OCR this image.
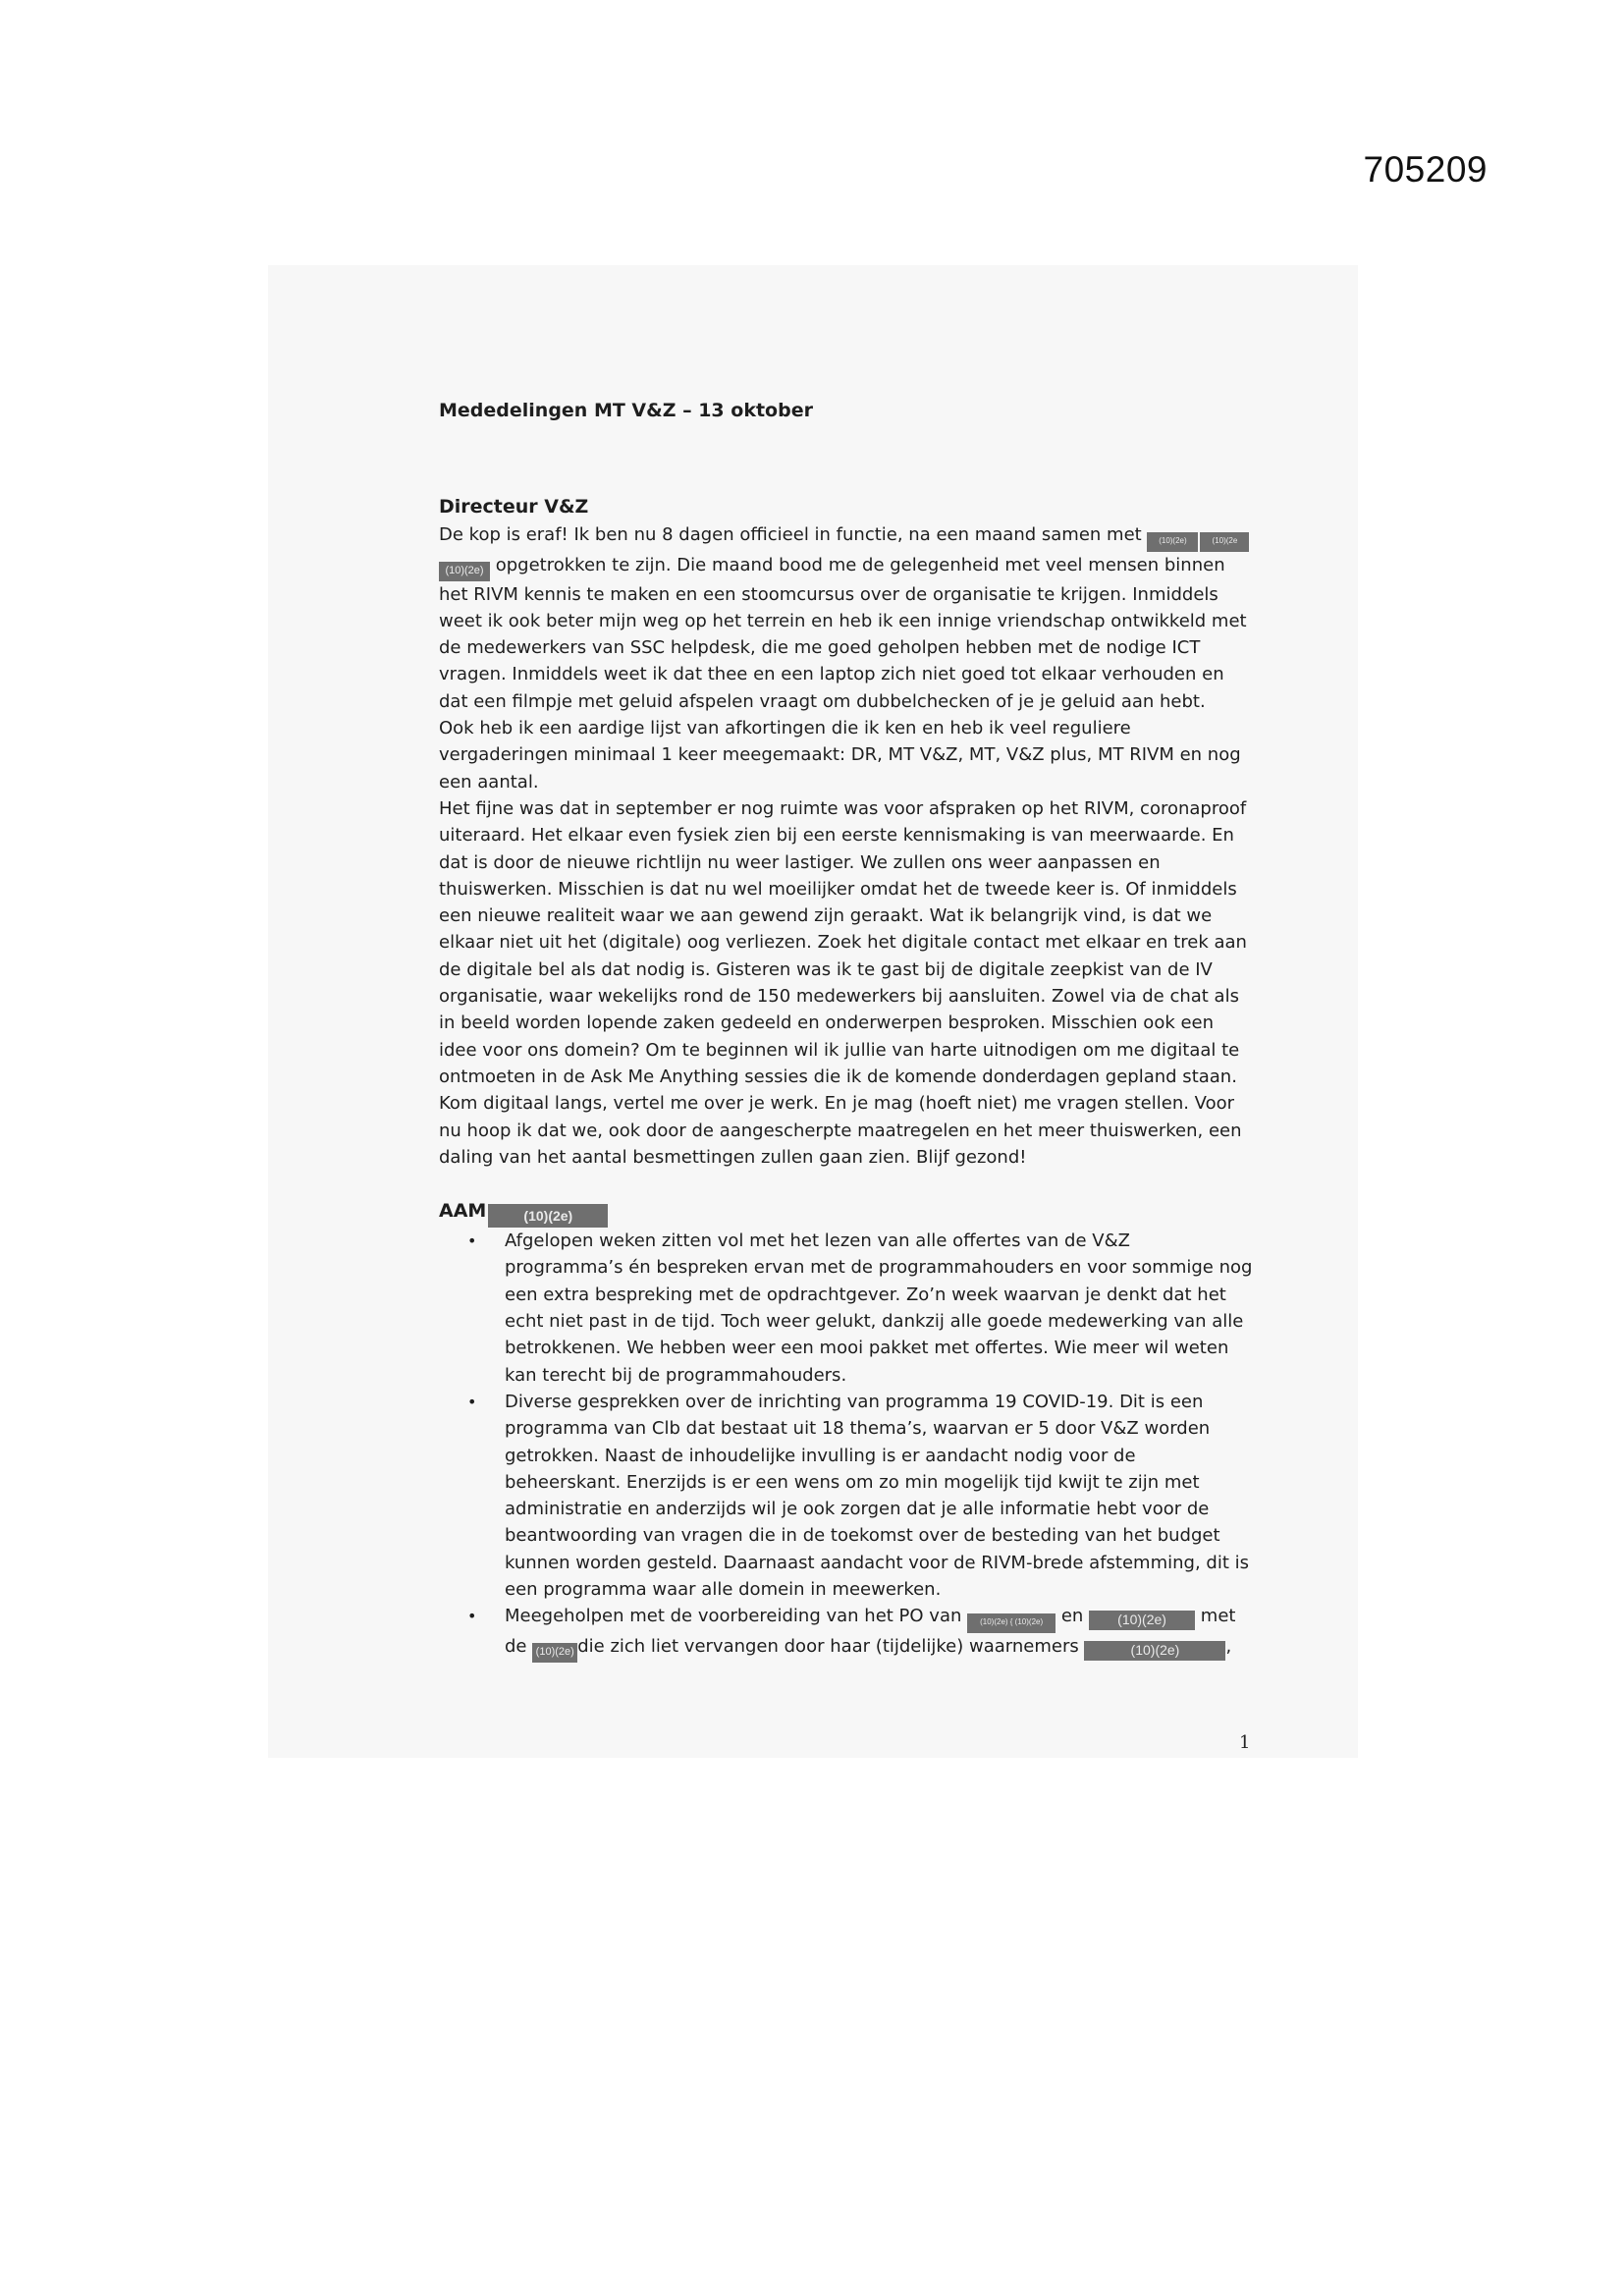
705209
Mededelingen MT V&Z – 13 oktober
Directeur V&Z

De kop is eraf! Ik ben nu 8 dagen officieel in functie, na een maand samen met (10)(2e)	(10)(2e
(10)(2e) opgetrokken te zijn. Die maand bood me de gelegenheid met veel mensen binnen het RIVM kennis te maken en een stoomcursus over de organisatie te krijgen. Inmiddels weet ik ook beter mijn weg op het terrein en heb ik een innige vriendschap ontwikkeld met de medewerkers van SSC helpdesk, die me goed geholpen hebben met de nodige ICT vragen. Inmiddels weet ik dat thee en een laptop zich niet goed tot elkaar verhouden en dat een filmpje met geluid afspelen vraagt om dubbelchecken of je je geluid aan hebt.

Ook heb ik een aardige lijst van afkortingen die ik ken en heb ik veel reguliere vergaderingen minimaal 1 keer meegemaakt: DR, MT V&Z, MT, V&Z plus, MT RIVM en nog een aantal.

Het fijne was dat in september er nog ruimte was voor afspraken op het RIVM, coronaproof uiteraard. Het elkaar even fysiek zien bij een eerste kennismaking is van meerwaarde. En dat is door de nieuwe richtlijn nu weer lastiger. We zullen ons weer aanpassen en thuiswerken. Misschien is dat nu wel moeilijker omdat het de tweede keer is. Of inmiddels een nieuwe realiteit waar we aan gewend zijn geraakt. Wat ik belangrijk vind, is dat we elkaar niet uit het (digitale) oog verliezen. Zoek het digitale contact met elkaar en trek aan de digitale bel als dat nodig is. Gisteren was ik te gast bij de digitale zeepkist van de IV organisatie, waar wekelijks rond de 150 medewerkers bij aansluiten. Zowel via de chat als in beeld worden lopende zaken gedeeld en onderwerpen besproken. Misschien ook een idee voor ons domein? Om te beginnen wil ik jullie van harte uitnodigen om me digitaal te ontmoeten in de Ask Me Anything sessies die ik de komende donderdagen gepland staan. Kom digitaal langs, vertel me over je werk. En je mag (hoeft niet) me vragen stellen. Voor nu hoop ik dat we, ook door de aangescherpte maatregelen en het meer thuiswerken, een daling van het aantal besmettingen zullen gaan zien. Blijf gezond!

AAM	(10)(2e)
• Afgelopen weken zitten vol met het lezen van alle offertes van de V&Z programma’s én bespreken ervan met de programmahouders en voor sommige nog een extra bespreking met de opdrachtgever. Zo’n week waarvan je denkt dat het echt niet past in de tijd. Toch weer gelukt, dankzij alle goede medewerking van alle betrokkenen. We hebben weer een mooi pakket met offertes. Wie meer wil weten kan terecht bij de programmahouders.
• Diverse gesprekken over de inrichting van programma 19 COVID-19. Dit is een programma van Clb dat bestaat uit 18 thema’s, waarvan er 5 door V&Z worden getrokken. Naast de inhoudelijke invulling is er aandacht nodig voor de beheerskant. Enerzijds is er een wens om zo min mogelijk tijd kwijt te zijn met administratie en anderzijds wil je ook zorgen dat je alle informatie hebt voor de beantwoording van vragen die in de toekomst over de besteding van het budget kunnen worden gesteld. Daarnaast aandacht voor de RIVM-brede afstemming, dit is een programma waar alle domein in meewerken.
• Meegeholpen met de voorbereiding van het PO van (10)(2e) { (10)(2e) en (10)(2e) met de (10)(2e) die zich liet vervangen door haar (tijdelijke) waarnemers	(10)(2e)	,
1
